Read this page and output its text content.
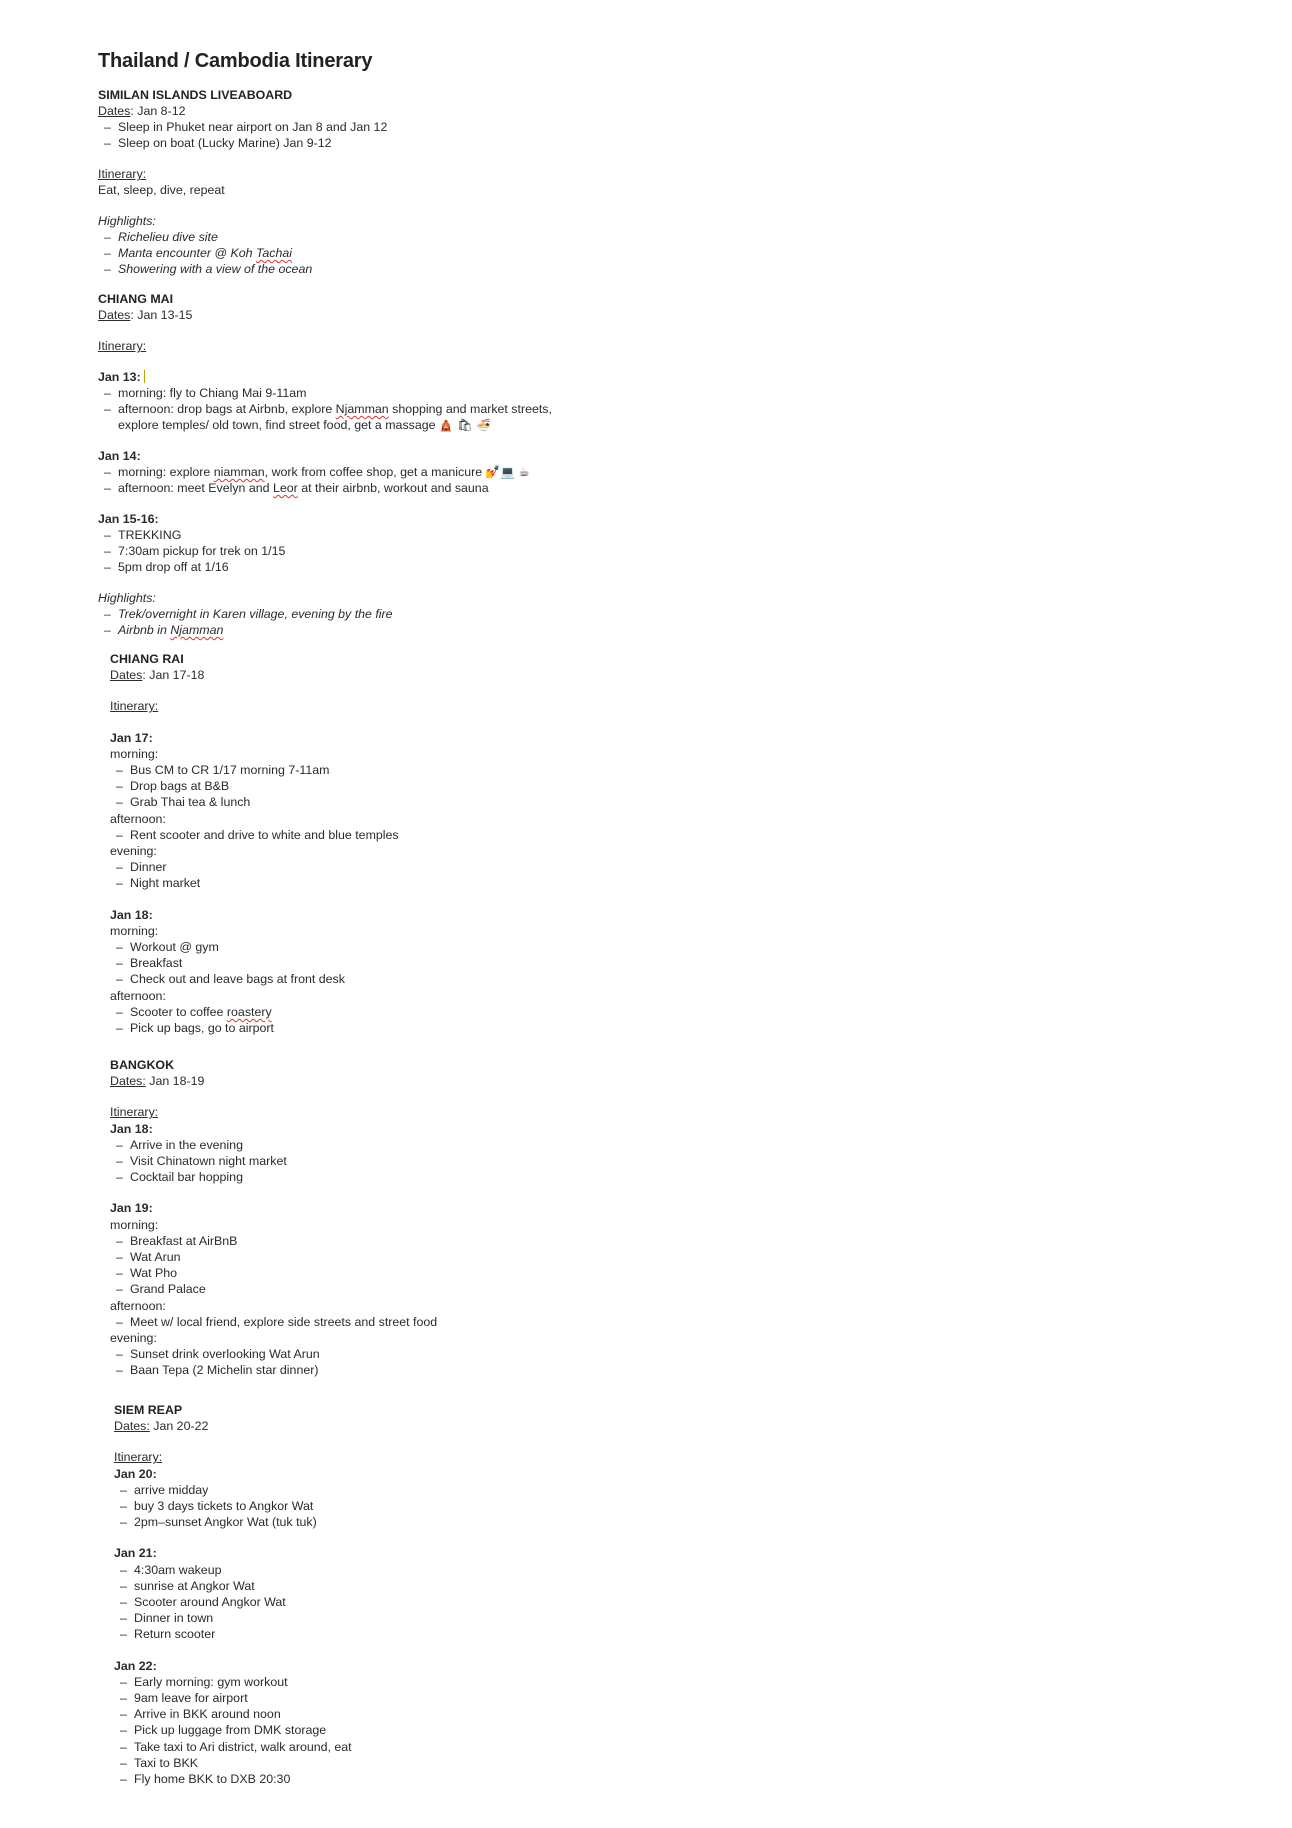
Thailand / Cambodia Itinerary
SIMILAN ISLANDS LIVEABOARD
Dates: Jan 8-12
– Sleep in Phuket near airport on Jan 8 and Jan 12
– Sleep on boat (Lucky Marine) Jan 9-12
Itinerary:
Eat, sleep, dive, repeat
Highlights:
– Richelieu dive site
– Manta encounter @ Koh Tachai
– Showering with a view of the ocean
CHIANG MAI
Dates: Jan 13-15
Itinerary:
Jan 13:
– morning: fly to Chiang Mai 9-11am
– afternoon: drop bags at Airbnb, explore Njamman shopping and market streets,
explore temples/ old town, find street food, get a massage 🛕 🛍 🍜
Jan 14:
– morning: explore niamman, work from coffee shop, get a manicure 💅💻 ☕
– afternoon: meet Evelyn and Leor at their airbnb, workout and sauna
Jan 15-16:
– TREKKING
– 7:30am pickup for trek on 1/15
– 5pm drop off at 1/16
Highlights:
– Trek/overnight in Karen village, evening by the fire
– Airbnb in Njamman
CHIANG RAI
Dates: Jan 17-18
Itinerary:
Jan 17:
morning:
– Bus CM to CR 1/17 morning 7-11am
– Drop bags at B&B
– Grab Thai tea & lunch
afternoon:
– Rent scooter and drive to white and blue temples
evening:
– Dinner
– Night market
Jan 18:
morning:
– Workout @ gym
– Breakfast
– Check out and leave bags at front desk
afternoon:
– Scooter to coffee roastery
– Pick up bags, go to airport
BANGKOK
Dates: Jan 18-19
Itinerary:
Jan 18:
– Arrive in the evening
– Visit Chinatown night market
– Cocktail bar hopping
Jan 19:
morning:
– Breakfast at AirBnB
– Wat Arun
– Wat Pho
– Grand Palace
afternoon:
– Meet w/ local friend, explore side streets and street food
evening:
– Sunset drink overlooking Wat Arun
– Baan Tepa (2 Michelin star dinner)
SIEM REAP
Dates: Jan 20-22
Itinerary:
Jan 20:
– arrive midday
– buy 3 days tickets to Angkor Wat
– 2pm–sunset Angkor Wat (tuk tuk)
Jan 21:
– 4:30am wakeup
– sunrise at Angkor Wat
– Scooter around Angkor Wat
– Dinner in town
– Return scooter
Jan 22:
– Early morning: gym workout
– 9am leave for airport
– Arrive in BKK around noon
– Pick up luggage from DMK storage
– Take taxi to Ari district, walk around, eat
– Taxi to BKK
– Fly home BKK to DXB 20:30
